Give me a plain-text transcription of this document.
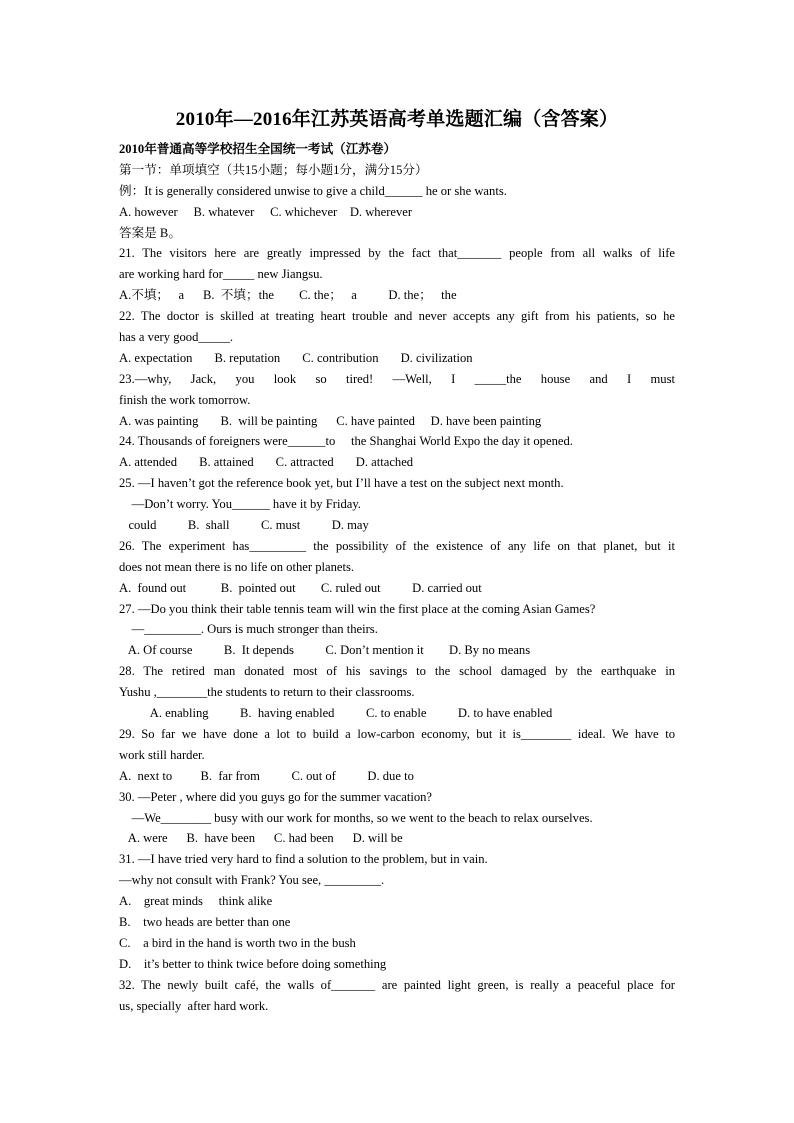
2010年—2016年江苏英语高考单选题汇编（含答案）
2010年普通高等学校招生全国统一考试（江苏卷）
第一节：单项填空（共15小题；每小题1分，满分15分）
例：It is generally considered unwise to give a child______ he or she wants.
A. however     B. whatever     C. whichever    D. wherever
答案是 B。
21. The visitors here are greatly impressed by the fact that_______ people from all walks of life
are working hard for_____ new Jiangsu.
A.不填；   a      B.  不填；the        C. the；   a          D. the；   the
22. The doctor is skilled at treating heart trouble and never accepts any gift from his patients, so he
has a very good_____.
A. expectation       B. reputation       C. contribution       D. civilization
23.—why, Jack, you look so tired! —Well, I _____the house and I must
finish the work tomorrow.
A. was painting       B.  will be painting      C. have painted     D. have been painting
24. Thousands of foreigners were______to     the Shanghai World Expo the day it opened.
A. attended       B. attained       C. attracted       D. attached
25. —I haven’t got the reference book yet, but I’ll have a test on the subject next month.
—Don’t worry. You______ have it by Friday.
could          B.  shall          C. must          D. may
26. The experiment has_________ the possibility of the existence of any life on that planet, but it
does not mean there is no life on other planets.
A.  found out           B.  pointed out        C. ruled out          D. carried out
27. —Do you think their table tennis team will win the first place at the coming Asian Games?
—_________. Ours is much stronger than theirs.
A. Of course          B.  It depends          C. Don’t mention it        D. By no means
28. The retired man donated most of his savings to the school damaged by the earthquake in
Yushu ,________the students to return to their classrooms.
A. enabling          B.  having enabled          C. to enable          D. to have enabled
29. So far we have done a lot to build a low-carbon economy, but it is________ ideal. We have to
work still harder.
A.  next to         B.  far from          C. out of          D. due to
30. —Peter , where did you guys go for the summer vacation?
—We________ busy with our work for months, so we went to the beach to relax ourselves.
A. were      B.  have been      C. had been      D. will be
31. —I have tried very hard to find a solution to the problem, but in vain.
—why not consult with Frank? You see, _________.
A.    great minds     think alike
B.    two heads are better than one
C.    a bird in the hand is worth two in the bush
D.    it’s better to think twice before doing something
32. The newly built café, the walls of_______ are painted light green, is really a peaceful place for
us, specially  after hard work.
